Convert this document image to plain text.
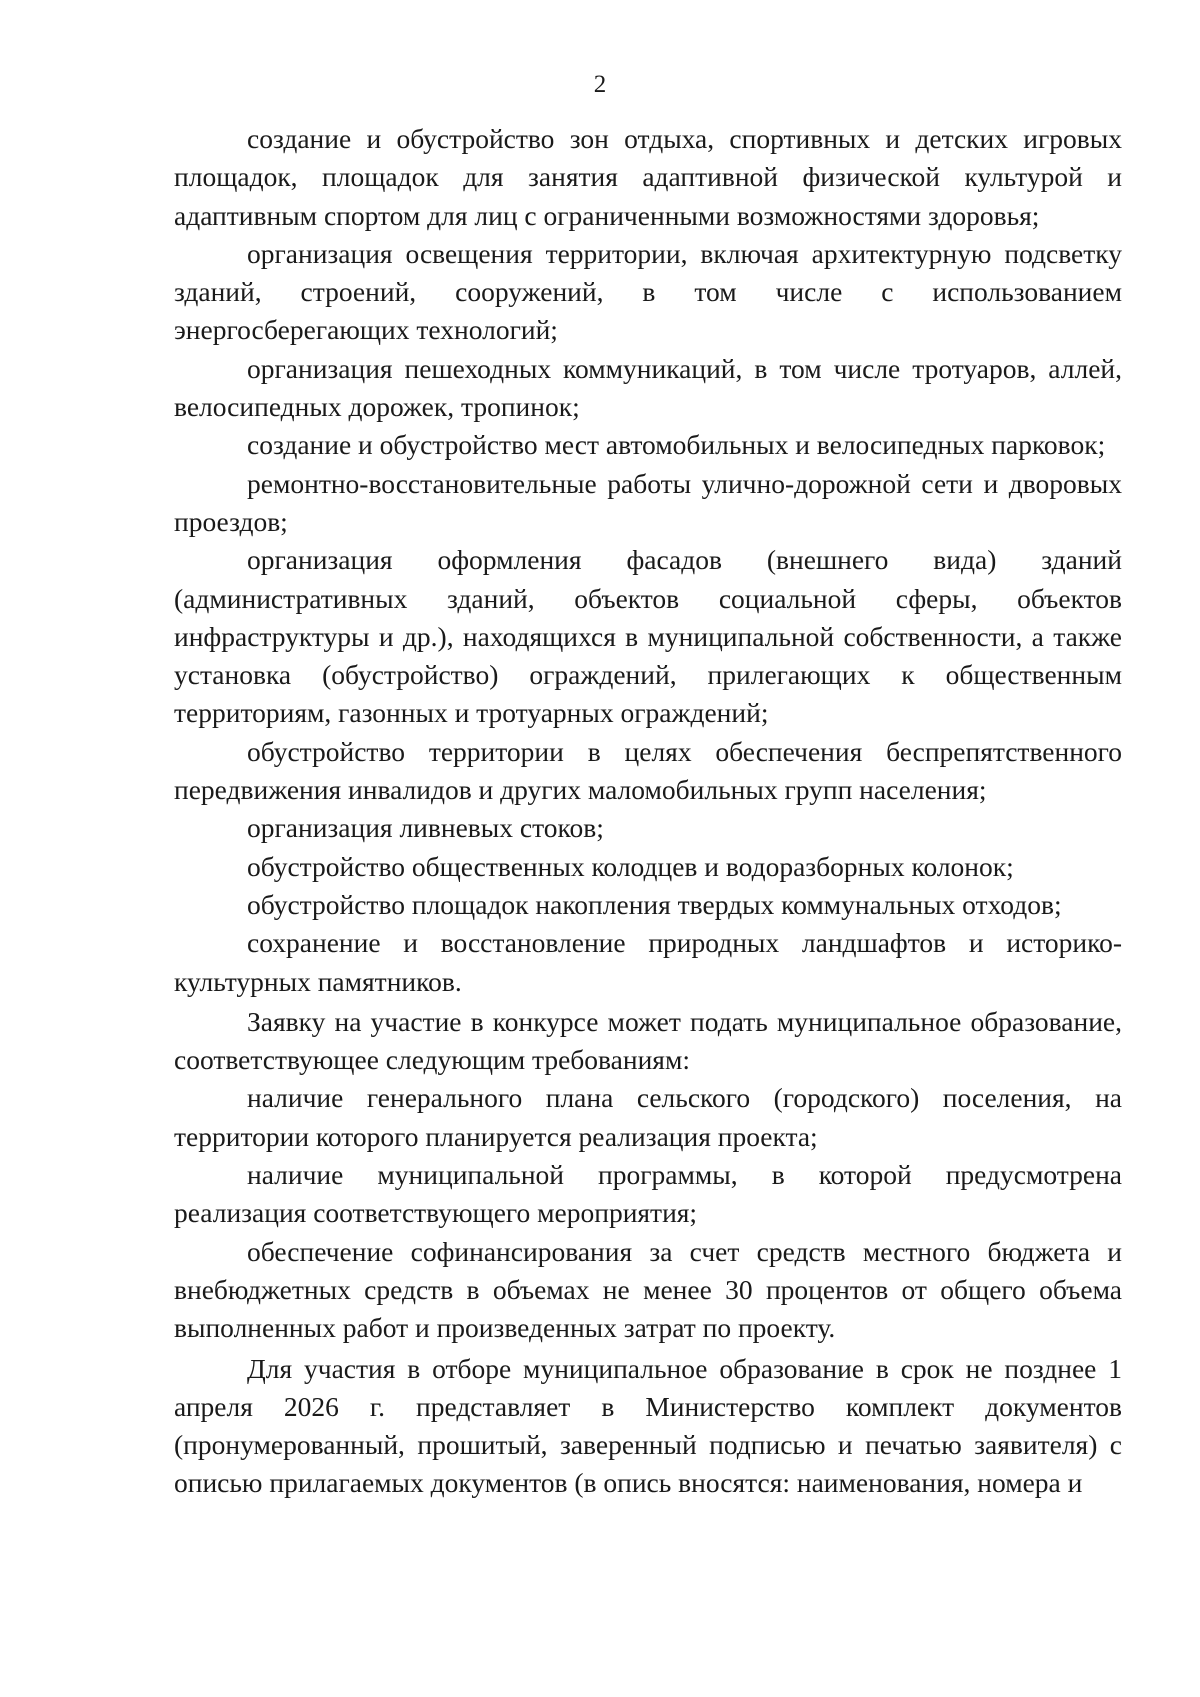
2

создание и обустройство зон отдыха, спортивных и детских игровых площадок, площадок для занятия адаптивной физической культурой и адаптивным спортом для лиц с ограниченными возможностями здоровья;

организация освещения территории, включая архитектурную подсветку зданий, строений, сооружений, в том числе с использованием энергосберегающих технологий;

организация пешеходных коммуникаций, в том числе тротуаров, аллей, велосипедных дорожек, тропинок;

создание и обустройство мест автомобильных и велосипедных парковок;

ремонтно-восстановительные работы улично-дорожной сети и дворовых проездов;

организация оформления фасадов (внешнего вида) зданий (административных зданий, объектов социальной сферы, объектов инфраструктуры и др.), находящихся в муниципальной собственности, а также установка (обустройство) ограждений, прилегающих к общественным территориям, газонных и тротуарных ограждений;

обустройство территории в целях обеспечения беспрепятственного передвижения инвалидов и других маломобильных групп населения;

организация ливневых стоков;

обустройство общественных колодцев и водоразборных колонок;

обустройство площадок накопления твердых коммунальных отходов;

сохранение и восстановление природных ландшафтов и историко-культурных памятников.

Заявку на участие в конкурсе может подать муниципальное образование, соответствующее следующим требованиям:

наличие генерального плана сельского (городского) поселения, на территории которого планируется реализация проекта;

наличие муниципальной программы, в которой предусмотрена реализация соответствующего мероприятия;

обеспечение софинансирования за счет средств местного бюджета и внебюджетных средств в объемах не менее 30 процентов от общего объема выполненных работ и произведенных затрат по проекту.

Для участия в отборе муниципальное образование в срок не позднее 1 апреля 2026 г. представляет в Министерство комплект документов (пронумерованный, прошитый, заверенный подписью и печатью заявителя) с описью прилагаемых документов (в опись вносятся: наименования, номера и
